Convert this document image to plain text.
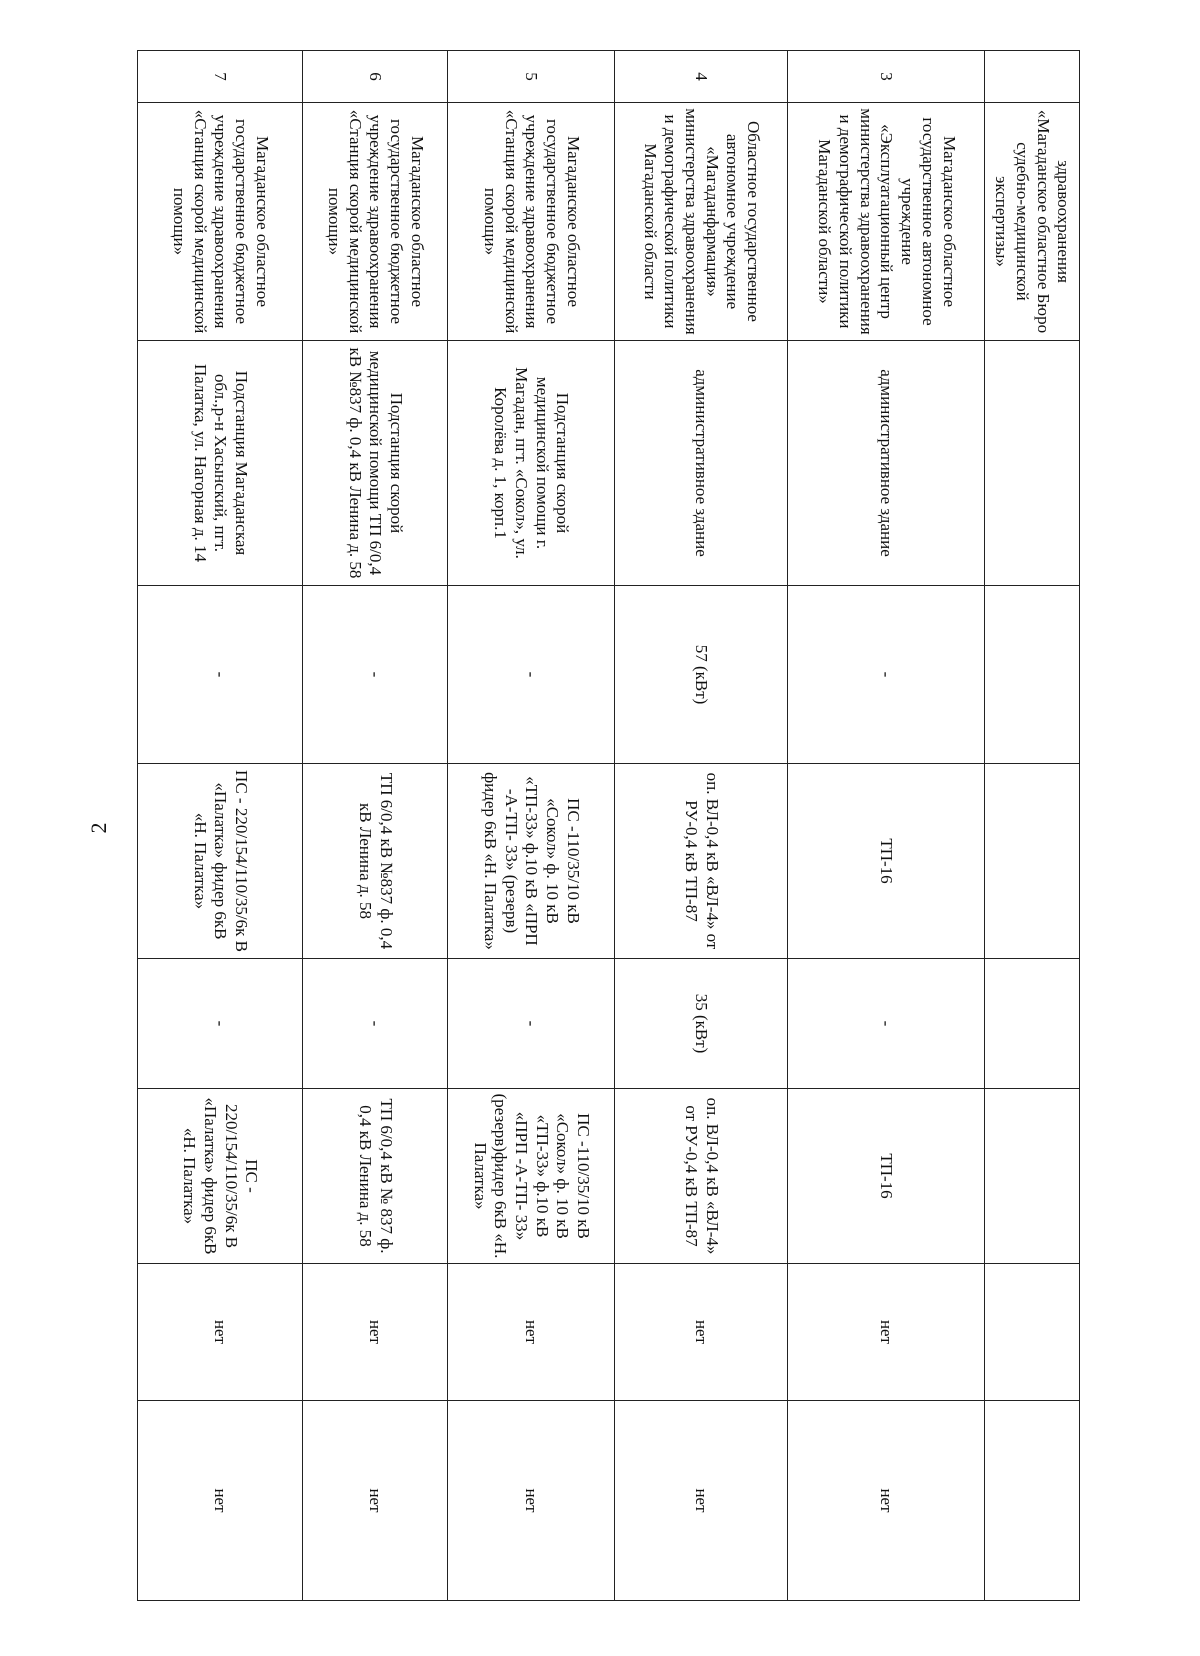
2
	здравоохранения «Магаданское областное Бюро судебно-медицинской экспертизы»							
3	Магаданское областное государственное автономное учреждение «Эксплуатационный центр министерства здравоохранения и демографической политики Магаданской области»	административное здание	-	ТП-16	-	ТП-16	нет	нет
4	Областное государственное автономное учреждение «Магаданфармация» министерства здравоохранения и демографической политики Магаданской области	административное здание	57 (кВт)	оп. ВЛ-0,4 кВ «ВЛ-4» от РУ-0,4 кВ ТП-87	35 (кВт)	оп. ВЛ-0,4 кВ «ВЛ-4» от РУ-0,4 кВ ТП-87	нет	нет
5	Магаданское областное государственное бюджетное учреждение здравоохранения «Станция скорой медицинской помощи»	Подстанция скорой медицинской помощи г. Магадан, пгт. «Сокол», ул. Королёва д. 1, корп.1	-	ПС -110/35/10 кВ «Сокол» ф. 10 кВ «ТП-33» ф.10 кВ «ПРП -А-ТП- 33» (резерв) фидер 6кВ «Н. Палатка»	-	ПС -110/35/10 кВ «Сокол» ф. 10 кВ «ТП-33» ф.10 кВ «ПРП -А-ТП- 33» (резерв)фидер 6кВ «Н. Палатка»	нет	нет
6	Магаданское областное государственное бюджетное учреждение здравоохранения «Станция скорой медицинской помощи»	Подстанция скорой медицинской помощи ТП 6/0,4 кВ №837 ф. 0,4 кВ Ленина д. 58	-	ТП 6/0,4 кВ №837 ф. 0,4 кВ Ленина д. 58	-	ТП 6/0,4 кВ № 837 ф. 0,4 кВ Ленина д. 58	нет	нет
7	Магаданское областное государственное бюджетное учреждение здравоохранения «Станция скорой медицинской помощи»	Подстанция Магаданская обл.,р-н Хасынский, пгт. Палатка, ул. Нагорная д. 14	-	ПС - 220/154/110/35/6к В «Палатка» фидер 6кВ «Н. Палатка»	-	ПС - 220/154/110/35/6к В «Палатка» фидер 6кВ «Н. Палатка»	нет	нет
